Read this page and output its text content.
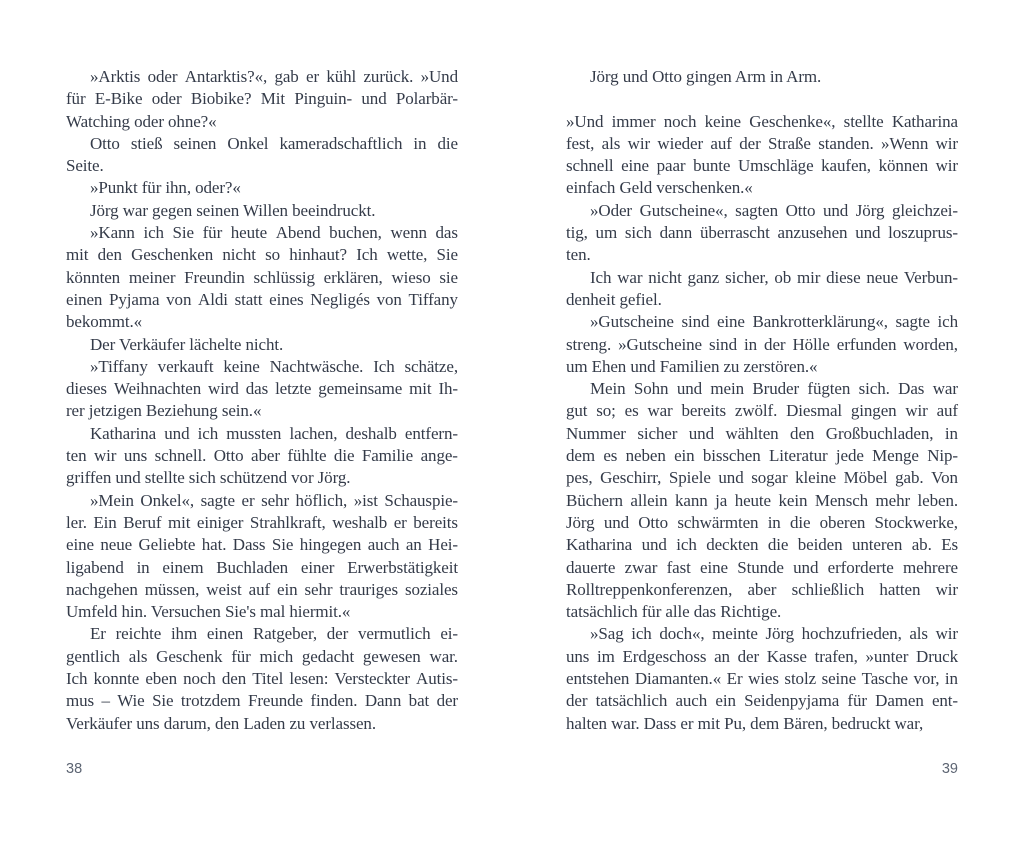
»Arktis oder Antarktis?«, gab er kühl zurück. »Und
für E-Bike oder Biobike? Mit Pinguin- und Polarbär-
Watching oder ohne?«
Otto stieß seinen Onkel kameradschaftlich in die
Seite.
»Punkt für ihn, oder?«
Jörg war gegen seinen Willen beeindruckt.
»Kann ich Sie für heute Abend buchen, wenn das
mit den Geschenken nicht so hinhaut? Ich wette, Sie
könnten meiner Freundin schlüssig erklären, wieso sie
einen Pyjama von Aldi statt eines Negligés von Tiffany
bekommt.«
Der Verkäufer lächelte nicht.
»Tiffany verkauft keine Nachtwäsche. Ich schätze,
dieses Weihnachten wird das letzte gemeinsame mit Ih-
rer jetzigen Beziehung sein.«
Katharina und ich mussten lachen, deshalb entfern-
ten wir uns schnell. Otto aber fühlte die Familie ange-
griffen und stellte sich schützend vor Jörg.
»Mein Onkel«, sagte er sehr höflich, »ist Schauspie-
ler. Ein Beruf mit einiger Strahlkraft, weshalb er bereits
eine neue Geliebte hat. Dass Sie hingegen auch an Hei-
ligabend in einem Buchladen einer Erwerbstätigkeit
nachgehen müssen, weist auf ein sehr trauriges soziales
Umfeld hin. Versuchen Sie's mal hiermit.«
Er reichte ihm einen Ratgeber, der vermutlich ei-
gentlich als Geschenk für mich gedacht gewesen war.
Ich konnte eben noch den Titel lesen: Versteckter Autis-
mus – Wie Sie trotzdem Freunde finden. Dann bat der
Verkäufer uns darum, den Laden zu verlassen.
38
Jörg und Otto gingen Arm in Arm.
»Und immer noch keine Geschenke«, stellte Katharina
fest, als wir wieder auf der Straße standen. »Wenn wir
schnell eine paar bunte Umschläge kaufen, können wir
einfach Geld verschenken.«
»Oder Gutscheine«, sagten Otto und Jörg gleichzei-
tig, um sich dann überrascht anzusehen und loszuprus-
ten.
Ich war nicht ganz sicher, ob mir diese neue Verbun-
denheit gefiel.
»Gutscheine sind eine Bankrotterklärung«, sagte ich
streng. »Gutscheine sind in der Hölle erfunden worden,
um Ehen und Familien zu zerstören.«
Mein Sohn und mein Bruder fügten sich. Das war
gut so; es war bereits zwölf. Diesmal gingen wir auf
Nummer sicher und wählten den Großbuchladen, in
dem es neben ein bisschen Literatur jede Menge Nip-
pes, Geschirr, Spiele und sogar kleine Möbel gab. Von
Büchern allein kann ja heute kein Mensch mehr leben.
Jörg und Otto schwärmten in die oberen Stockwerke,
Katharina und ich deckten die beiden unteren ab. Es
dauerte zwar fast eine Stunde und erforderte mehrere
Rolltreppenkonferenzen, aber schließlich hatten wir
tatsächlich für alle das Richtige.
»Sag ich doch«, meinte Jörg hochzufrieden, als wir
uns im Erdgeschoss an der Kasse trafen, »unter Druck
entstehen Diamanten.« Er wies stolz seine Tasche vor, in
der tatsächlich auch ein Seidenpyjama für Damen ent-
halten war. Dass er mit Pu, dem Bären, bedruckt war,
39
